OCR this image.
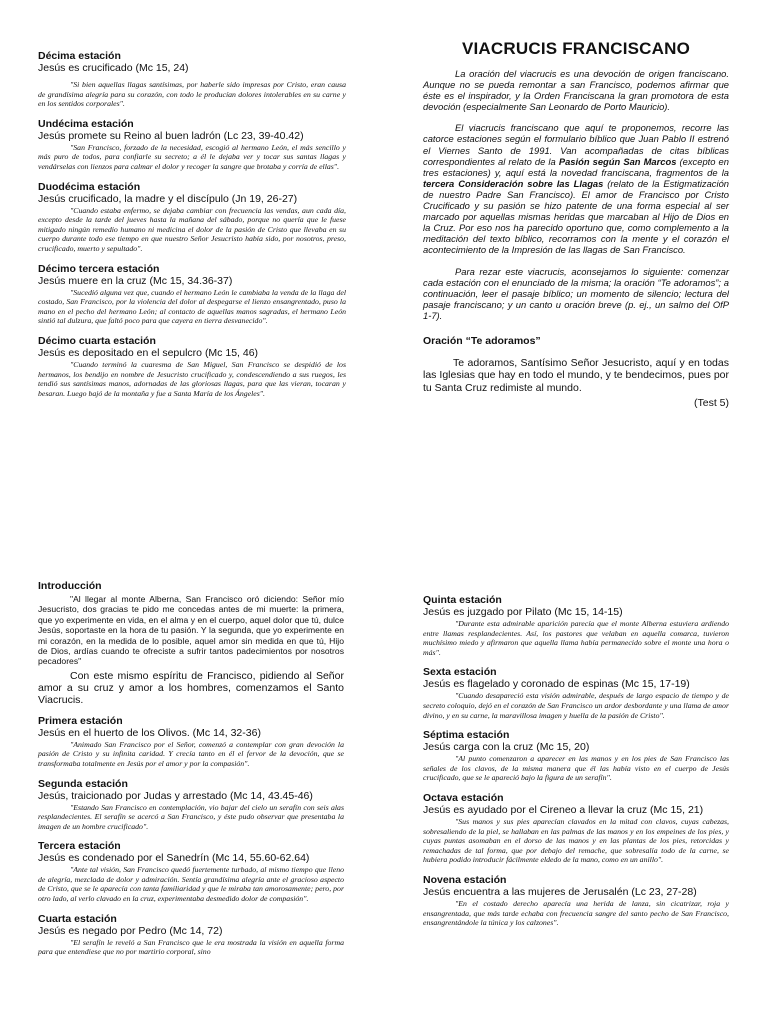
Décima estación
Jesús es crucificado (Mc 15, 24)
"Si bien aquellas llagas santísimas, por haberle sido impresas por Cristo, eran causa de grandísima alegría para su corazón, con todo le producían dolores intolerables en su carne y en los sentidos corporales".
Undécima estación
Jesús promete su Reino al buen ladrón (Lc 23, 39-40.42)
"San Francisco, forzado de la necesidad, escogió al hermano León, el más sencillo y más puro de todos, para confiarle su secreto; a él le dejaba ver y tocar sus santas llagas y vendárselas con lienzos para calmar el dolor y recoger la sangre que brotaba y corría de ellas".
Duodécima estación
Jesús crucificado, la madre y el discípulo (Jn 19, 26-27)
"Cuando estaba enfermo, se dejaba cambiar con frecuencia las vendas, aun cada día, excepto desde la tarde del jueves hasta la mañana del sábado, porque no quería que le fuese mitigado ningún remedio humano ni medicina el dolor de la pasión de Cristo que llevaba en su cuerpo durante todo ese tiempo en que nuestro Señor Jesucristo había sido, por nosotros, preso, crucificado, muerto y sepultado".
Décimo tercera estación
Jesús muere en la cruz (Mc 15, 34.36-37)
"Sucedió alguna vez que, cuando el hermano León le cambiaba la venda de la llaga del costado, San Francisco, por la violencia del dolor al despegarse el lienzo ensangrentado, puso la mano en el pecho del hermano León; al contacto de aquellas manos sagradas, el hermano León sintió tal dulzura, que faltó poco para que cayera en tierra desvanecido".
Décimo cuarta estación
Jesús es depositado en el sepulcro (Mc 15, 46)
"Cuando terminó la cuaresma de San Miguel, San Francisco se despidió de los hermanos, los bendijo en nombre de Jesucristo crucificado y, condescendiendo a sus ruegos, les tendió sus santísimas manos, adornadas de las gloriosas llagas, para que las vieran, tocaran y besaran. Luego bajó de la montaña y fue a Santa María de los Ángeles".
VIACRUCIS FRANCISCANO

La oración del viacrucis es una devoción de origen franciscano. Aunque no se pueda remontar a san Francisco, podemos afirmar que éste es el inspirador, y la Orden Franciscana la gran promotora de esta devoción (especialmente San Leonardo de Porto Mauricio).

El viacrucis franciscano que aquí te proponemos, recorre las catorce estaciones según el formulario bíblico que Juan Pablo II estrenó el Viernes Santo de 1991. Van acompañadas de citas bíblicas correspondientes al relato de la Pasión según San Marcos (excepto en tres estaciones) y, aquí está la novedad franciscana, fragmentos de la tercera Consideración sobre las Llagas (relato de la Estigmatización de nuestro Padre San Francisco). El amor de Francisco por Cristo Crucificado y su pasión se hizo patente de una forma especial al ser marcado por aquellas mismas heridas que marcaban al Hijo de Dios en la Cruz. Por eso nos ha parecido oportuno que, como complemento a la meditación del texto bíblico, recorramos con la mente y el corazón el acontecimiento de la Impresión de las llagas de San Francisco.

Para rezar este viacrucis, aconsejamos lo siguiente: comenzar cada estación con el enunciado de la misma; la oración “Te adoramos”; a continuación, leer el pasaje bíblico; un momento de silencio; lectura del pasaje franciscano; y un canto u oración breve (p. ej., un salmo del OfP 1-7).

Oración “Te adoramos”
Te adoramos, Santísimo Señor Jesucristo, aquí y en todas las Iglesias que hay en todo el mundo, y te bendecimos, pues por tu Santa Cruz redimiste al mundo.
(Test 5)
Introducción
"Al llegar al monte Alberna, San Francisco oró diciendo: Señor mío Jesucristo, dos gracias te pido me concedas antes de mi muerte: la primera, que yo experimente en vida, en el alma y en el cuerpo, aquel dolor que tú, dulce Jesús, soportaste en la hora de tu pasión. Y la segunda, que yo experimente en mi corazón, en la medida de lo posible, aquel amor sin medida en que tú, Hijo de Dios, ardías cuando te ofreciste a sufrir tantos padecimientos por nosotros pecadores"
Con este mismo espíritu de Francisco, pidiendo al Señor amor a su cruz y amor a los hombres, comenzamos el Santo Viacrucis.
Primera estación
Jesús en el huerto de los Olivos. (Mc 14, 32-36)
"Animado San Francisco por el Señor, comenzó a contemplar con gran devoción la pasión de Cristo y su infinita caridad. Y crecía tanto en él el fervor de la devoción, que se transformaba totalmente en Jesús por el amor y por la compasión".
Segunda estación
Jesús, traicionado por Judas y arrestado (Mc 14, 43.45-46)
"Estando San Francisco en contemplación, vio bajar del cielo un serafín con seis alas resplandecientes. El serafín se acercó a San Francisco, y éste pudo observar que presentaba la imagen de un hombre crucificado".
Tercera estación
Jesús es condenado por el Sanedrín (Mc 14, 55.60-62.64)
"Ante tal visión, San Francisco quedó fuertemente turbado, al mismo tiempo que lleno de alegría, mezclada de dolor y admiración. Sentía grandísima alegría ante el gracioso aspecto de Cristo, que se le aparecía con tanta familiaridad y que le miraba tan amorosamente; pero, por otro lado, al verlo clavado en la cruz, experimentaba desmedido dolor de compasión".
Cuarta estación
Jesús es negado por Pedro (Mc 14, 72)
"El serafín le reveló a San Francisco que le era mostrada la visión en aquella forma para que entendiese que no por martirio corporal, sino
Quinta estación
Jesús es juzgado por Pilato (Mc 15, 14-15)
"Durante esta admirable aparición parecía que el monte Alberna estuviera ardiendo entre llamas resplandecientes. Así, los pastores que velaban en aquella comarca, tuvieron muchísimo miedo y afirmaron que aquella llama había permanecido sobre el monte una hora o más".
Sexta estación
Jesús es flagelado y coronado de espinas (Mc 15, 17-19)
"Cuando desapareció esta visión admirable, después de largo espacio de tiempo y de secreto coloquio, dejó en el corazón de San Francisco un ardor desbordante y una llama de amor divino, y en su carne, la maravillosa imagen y huella de la pasión de Cristo".
Séptima estación
Jesús carga con la cruz (Mc 15, 20)
"Al punto comenzaron a aparecer en las manos y en los pies de San Francisco las señales de los clavos, de la misma manera que él las había visto en el cuerpo de Jesús crucificado, que se le apareció bajo la figura de un serafín".
Octava estación
Jesús es ayudado por el Cireneo a llevar la cruz (Mc 15, 21)
"Sus manos y sus pies aparecían clavados en la mitad con clavos, cuyas cabezas, sobresaliendo de la piel, se hallaban en las palmas de las manos y en los empeines de los pies, y cuyas puntas asomaban en el dorso de las manos y en las plantas de los pies, retorcidas y remachadas de tal forma, que por debajo del remache, que sobresalía todo de la carne, se hubiera podido introducir fácilmente eldedo de la mano, como en un anillo".
Novena estación
Jesús encuentra a las mujeres de Jerusalén (Lc 23, 27-28)
"En el costado derecho aparecía una herida de lanza, sin cicatrizar, roja y ensangrentada, que más tarde echaba con frecuencia sangre del santo pecho de San Francisco, ensangrentándole la túnica y los calzones".
